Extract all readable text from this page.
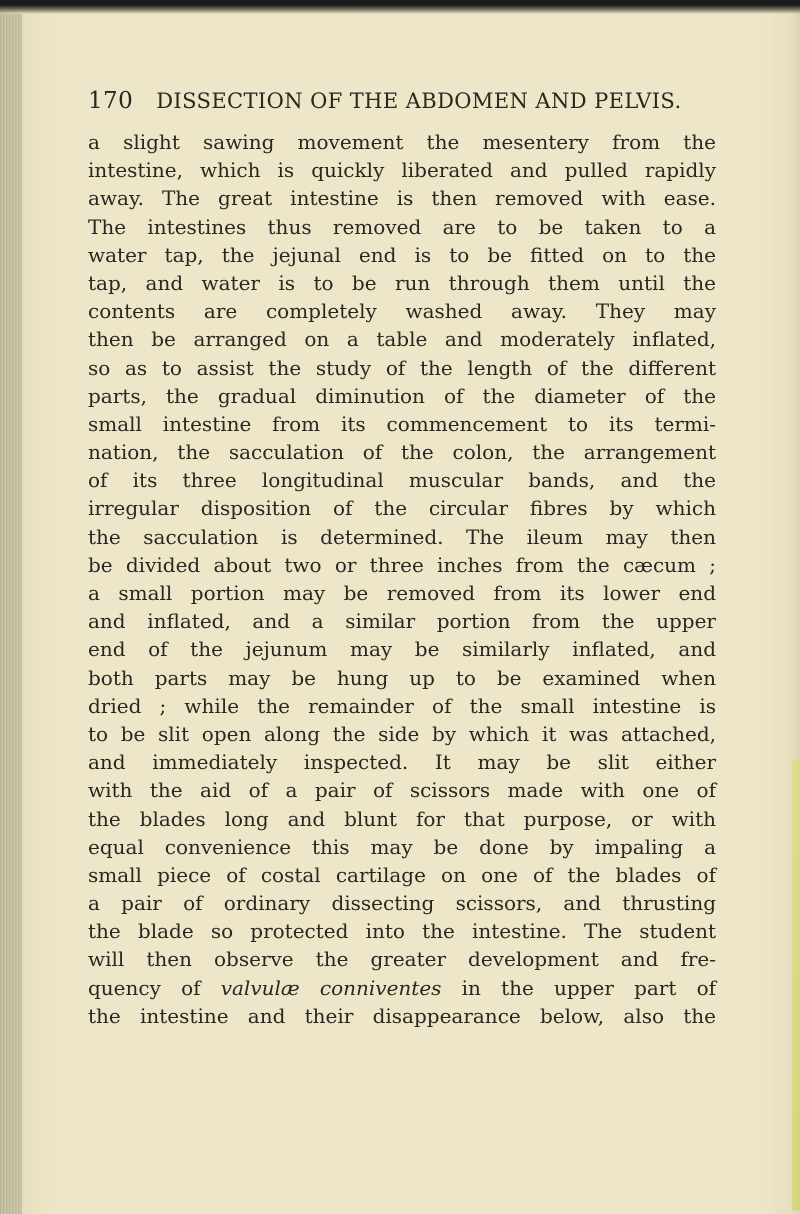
170 DISSECTION OF THE ABDOMEN AND PELVIS.
a slight sawing movement the mesentery from the
intestine, which is quickly liberated and pulled rapidly
away. The great intestine is then removed with ease.
The intestines thus removed are to be taken to a
water tap, the jejunal end is to be fitted on to the
tap, and water is to be run through them until the
contents are completely washed away. They may
then be arranged on a table and moderately inflated,
so as to assist the study of the length of the different
parts, the gradual diminution of the diameter of the
small intestine from its commencement to its termi-
nation, the sacculation of the colon, the arrangement
of its three longitudinal muscular bands, and the
irregular disposition of the circular fibres by which
the sacculation is determined. The ileum may then
be divided about two or three inches from the cæcum ;
a small portion may be removed from its lower end
and inflated, and a similar portion from the upper
end of the jejunum may be similarly inflated, and
both parts may be hung up to be examined when
dried ; while the remainder of the small intestine is
to be slit open along the side by which it was attached,
and immediately inspected. It may be slit either
with the aid of a pair of scissors made with one of
the blades long and blunt for that purpose, or with
equal convenience this may be done by impaling a
small piece of costal cartilage on one of the blades of
a pair of ordinary dissecting scissors, and thrusting
the blade so protected into the intestine. The student
will then observe the greater development and fre-
quency of valvulæ conniventes in the upper part of
the intestine and their disappearance below, also the
